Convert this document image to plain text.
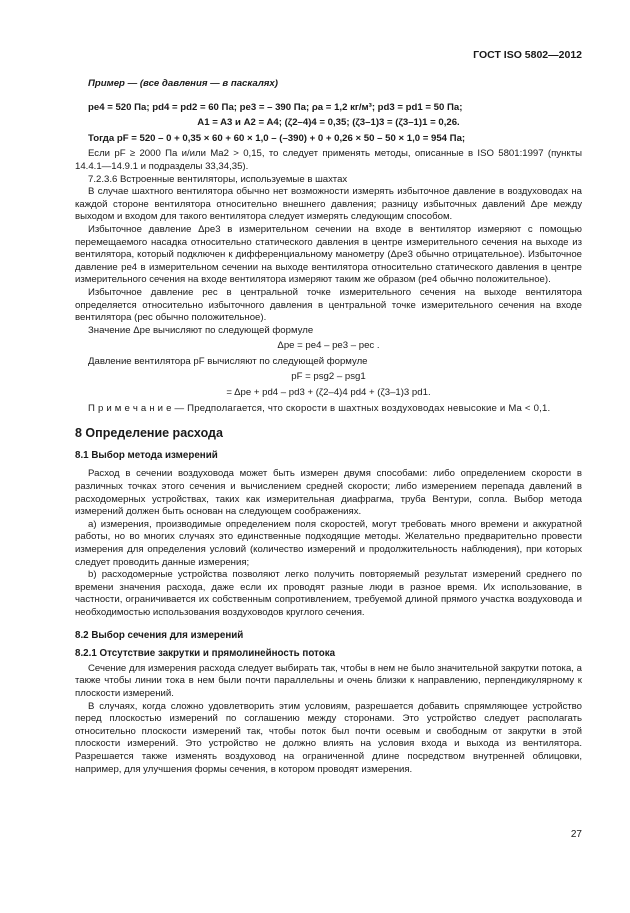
ГОСТ ISO 5802—2012

Пример — (все давления — в паскалях)

pе4 = 520 Па; pd4 = pd2 = 60 Па; pе3 = – 390 Па; ρа = 1,2 кг/м³; pd3 = pd1 = 50 Па;

A1 = A3 и A2 = A4; (ζ2–4)4 = 0,35; (ζ3–1)3 = (ζ3–1)1 = 0,26.

Тогда pF = 520 – 0 + 0,35 × 60 + 60 × 1,0 – (–390) + 0 + 0,26 × 50 – 50 × 1,0 = 954 Па;

Если pF ≥ 2000 Па и/или Ma2 > 0,15, то следует применять методы, описанные в ISO 5801:1997 (пункты 14.4.1—14.9.1 и подразделы 33,34,35).

7.2.3.6 Встроенные вентиляторы, используемые в шахтах

В случае шахтного вентилятора обычно нет возможности измерять избыточное давление в воздуховодах на каждой стороне вентилятора относительно внешнего давления; разницу избыточных давлений Δpе между выходом и входом для такого вентилятора следует измерять следующим способом.

Избыточное давление Δpе3 в измерительном сечении на входе в вентилятор измеряют с помощью перемещаемого насадка относительно статического давления в центре измерительного сечения на выходе из вентилятора, который подключен к дифференциальному манометру (Δpе3 обычно отрицательное). Избыточное давление pе4 в измерительном сечении на выходе вентилятора относительно статического давления в центре измерительного сечения на входе вентилятора измеряют таким же образом (pе4 обычно положительное).

Избыточное давление pес в центральной точке измерительного сечения на выходе вентилятора определяется относительно избыточного давления в центральной точке измерительного сечения на входе вентилятора (pес обычно положительное).

Значение Δpе вычисляют по следующей формуле

Δpе = pе4 – pе3 – pес .

Давление вентилятора pF вычисляют по следующей формуле

pF = psg2 – psg1

= Δpе + pd4 – pd3 + (ζ2–4)4 pd4 + (ζ3–1)3 pd1.

П р и м е ч а н и е — Предполагается, что скорости в шахтных воздуховодах невысокие и Ma < 0,1.

8 Определение расхода
8.1 Выбор метода измерений

Расход в сечении воздуховода может быть измерен двумя способами: либо определением скорости в различных точках этого сечения и вычислением средней скорости; либо измерением перепада давлений в расходомерных устройствах, таких как измерительная диафрагма, труба Вентури, сопла. Выбор метода измерений должен быть основан на следующем соображениях.

a) измерения, производимые определением поля скоростей, могут требовать много времени и аккуратной работы, но во многих случаях это единственные подходящие методы. Желательно предварительно провести измерения для определения условий (количество измерений и продолжительность наблюдения), при которых следует проводить данные измерения;

b) расходомерные устройства позволяют легко получить повторяемый результат измерений среднего по времени значения расхода, даже если их проводят разные люди в разное время. Их использование, в частности, ограничивается их собственным сопротивлением, требуемой длиной прямого участка воздуховода и необходимостью использования воздуховодов круглого сечения.

8.2 Выбор сечения для измерений
8.2.1 Отсутствие закрутки и прямолинейность потока

Сечение для измерения расхода следует выбирать так, чтобы в нем не было значительной закрутки потока, а также чтобы линии тока в нем были почти параллельны и очень близки к направлению, перпендикулярному к плоскости измерений.

В случаях, когда сложно удовлетворить этим условиям, разрешается добавить спрямляющее устройство перед плоскостью измерений по соглашению между сторонами. Это устройство следует располагать относительно плоскости измерений так, чтобы поток был почти осевым и свободным от закрутки в этой плоскости измерений. Это устройство не должно влиять на условия входа и выхода из вентилятора. Разрешается также изменять воздуховод на ограниченной длине посредством внутренней облицовки, например, для улучшения формы сечения, в котором проводят измерения.

27
